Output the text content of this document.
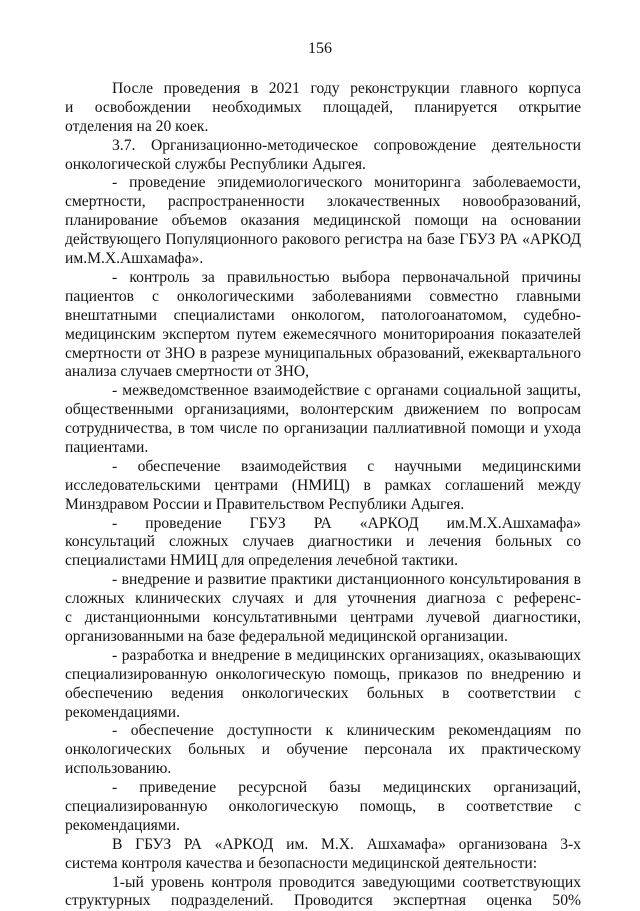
156
После проведения в 2021 году реконструкции главного корпуса
и освобождении необходимых площадей, планируется открытие
отделения на 20 коек.
3.7. Организационно-методическое сопровождение деятельности
онкологической службы Республики Адыгея.
- проведение эпидемиологического мониторинга заболеваемости,
смертности, распространенности злокачественных новообразований,
планирование объемов оказания медицинской помощи на основании
действующего Популяционного ракового регистра на базе ГБУЗ РА «АРКОД
им.М.Х.Ашхамафа».
- контроль за правильностью выбора первоначальной причины
пациентов с онкологическими заболеваниями совместно главными
внештатными специалистами онкологом, патологоанатомом, судебно-
медицинским экспертом путем ежемесячного мониторироания показателей
смертности от ЗНО в разрезе муниципальных образований, ежеквартального
анализа случаев смертности от ЗНО,
- межведомственное взаимодействие с органами социальной защиты,
общественными организациями, волонтерским движением по вопросам
сотрудничества, в том числе по организации паллиативной помощи и ухода
пациентами.
- обеспечение взаимодействия с научными медицинскими
исследовательскими центрами (НМИЦ) в рамках соглашений между
Минздравом России и Правительством Республики Адыгея.
- проведение ГБУЗ РА «АРКОД им.М.Х.Ашхамафа»
консультаций сложных случаев диагностики и лечения больных со
специалистами НМИЦ для определения лечебной тактики.
- внедрение и развитие практики дистанционного консультирования в
сложных клинических случаях и для уточнения диагноза с референс-
с дистанционными консультативными центрами лучевой диагностики,
организованными на базе федеральной медицинской организации.
- разработка и внедрение в медицинских организациях, оказывающих
специализированную онкологическую помощь, приказов по внедрению и
обеспечению ведения онкологических больных в соответствии с
рекомендациями.
- обеспечение доступности к клиническим рекомендациям по
онкологических больных и обучение персонала их практическому
использованию.
- приведение ресурсной базы медицинских организаций,
специализированную онкологическую помощь, в соответствие с
рекомендациями.
В ГБУЗ РА «АРКОД им. М.Х. Ашхамафа» организована 3-х
система контроля качества и безопасности медицинской деятельности:
1-ый уровень контроля проводится заведующими соответствующих
структурных подразделений. Проводится экспертная оценка 50%
